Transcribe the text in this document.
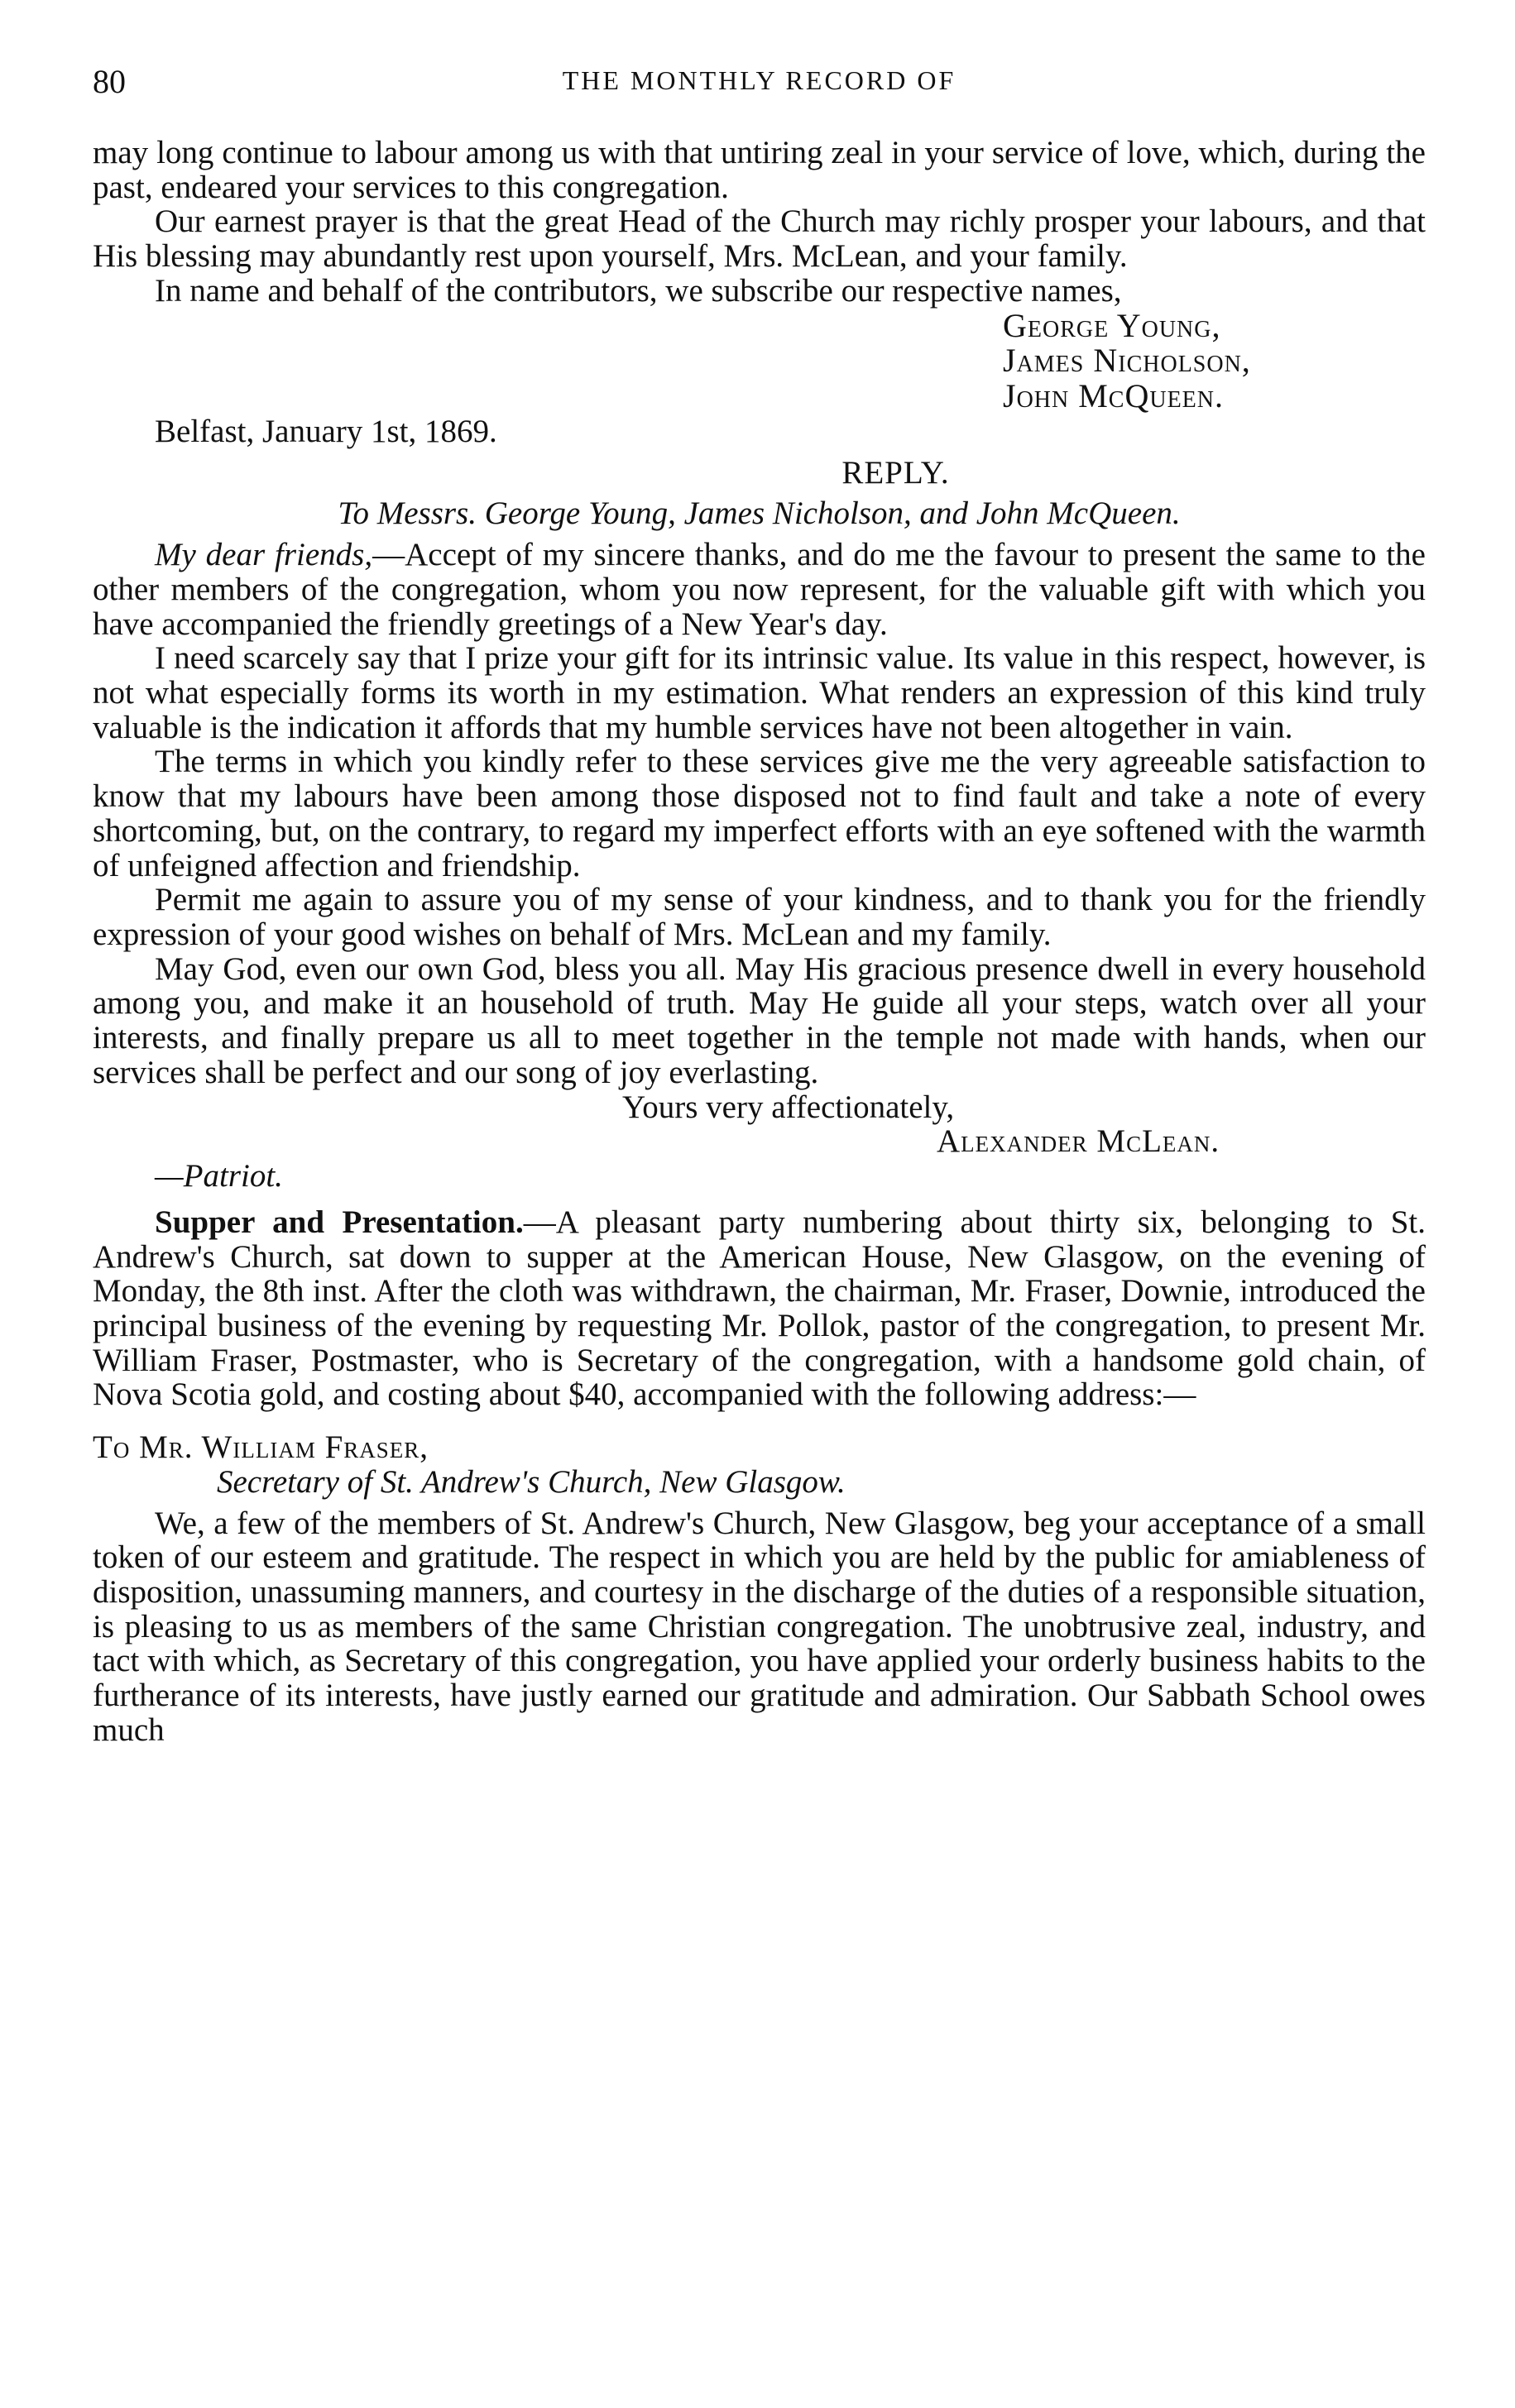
80	THE MONTHLY RECORD OF

may long continue to labour among us with that untiring zeal in your service of love, which, during the past, endeared your services to this congregation.

Our earnest prayer is that the great Head of the Church may richly prosper your labours, and that His blessing may abundantly rest upon yourself, Mrs. McLean, and your family.

In name and behalf of the contributors, we subscribe our respective names,

George Young,
James Nicholson,
John McQueen.
Belfast, January 1st, 1869.
REPLY.
To Messrs. George Young, James Nicholson, and John McQueen.

My dear friends,—Accept of my sincere thanks, and do me the favour to present the same to the other members of the congregation, whom you now represent, for the valuable gift with which you have accompanied the friendly greetings of a New Year's day.

I need scarcely say that I prize your gift for its intrinsic value. Its value in this respect, however, is not what especially forms its worth in my estimation. What renders an expression of this kind truly valuable is the indication it affords that my humble services have not been altogether in vain.

The terms in which you kindly refer to these services give me the very agreeable satisfaction to know that my labours have been among those disposed not to find fault and take a note of every shortcoming, but, on the contrary, to regard my imperfect efforts with an eye softened with the warmth of unfeigned affection and friendship.

Permit me again to assure you of my sense of your kindness, and to thank you for the friendly expression of your good wishes on behalf of Mrs. McLean and my family.

May God, even our own God, bless you all. May His gracious presence dwell in every household among you, and make it an household of truth. May He guide all your steps, watch over all your interests, and finally prepare us all to meet together in the temple not made with hands, when our services shall be perfect and our song of joy everlasting.

Yours very affectionately,
Alexander McLean.
—Patriot.

Supper and Presentation.—A pleasant party numbering about thirty six, belonging to St. Andrew's Church, sat down to supper at the American House, New Glasgow, on the evening of Monday, the 8th inst. After the cloth was withdrawn, the chairman, Mr. Fraser, Downie, introduced the principal business of the evening by requesting Mr. Pollok, pastor of the congregation, to present Mr. William Fraser, Postmaster, who is Secretary of the congregation, with a handsome gold chain, of Nova Scotia gold, and costing about $40, accompanied with the following address:—

To Mr. William Fraser,
Secretary of St. Andrew's Church, New Glasgow.

We, a few of the members of St. Andrew's Church, New Glasgow, beg your acceptance of a small token of our esteem and gratitude. The respect in which you are held by the public for amiableness of disposition, unassuming manners, and courtesy in the discharge of the duties of a responsible situation, is pleasing to us as members of the same Christian congregation. The unobtrusive zeal, industry, and tact with which, as Secretary of this congregation, you have applied your orderly business habits to the furtherance of its interests, have justly earned our gratitude and admiration. Our Sabbath School owes much
